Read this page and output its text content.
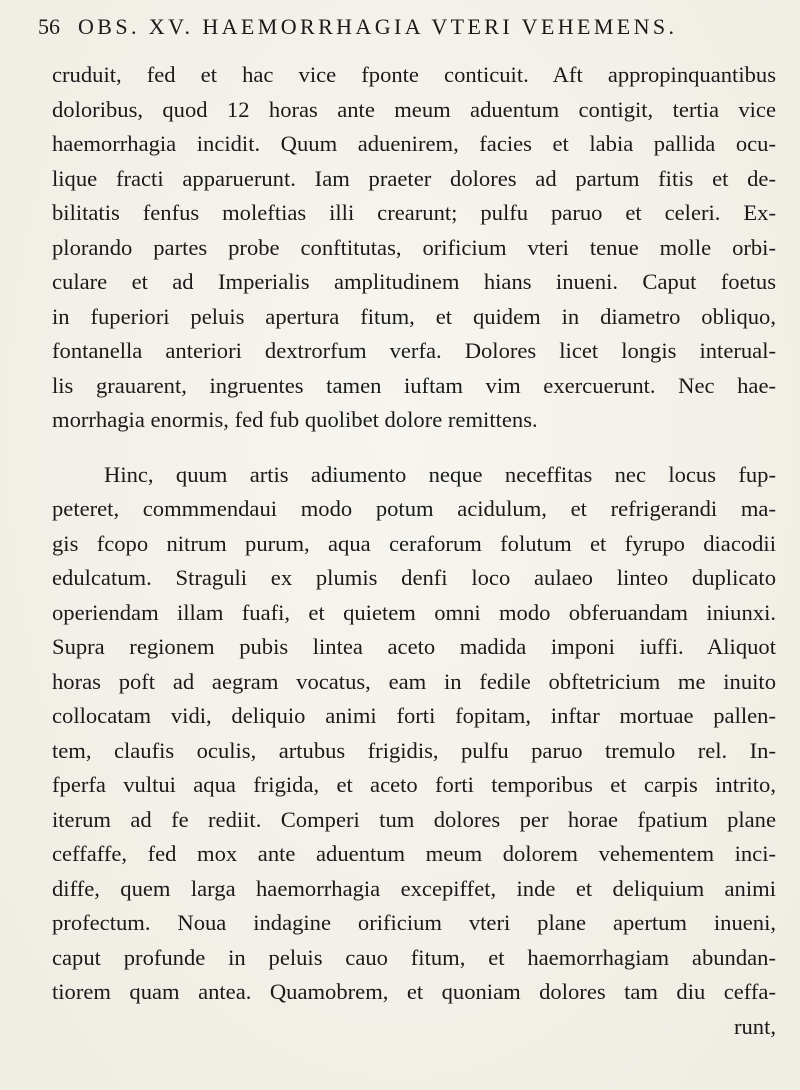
56 OBS. XV. HAEMORRHAGIA VTERI VEHEMENS.
cruduit, fed et hac vice fponte conticuit. Aft appropinquantibus
doloribus, quod 12 horas ante meum aduentum contigit, tertia vice
haemorrhagia incidit. Quum aduenirem, facies et labia pallida ocu-
lique fracti apparuerunt. Iam praeter dolores ad partum fitis et de-
bilitatis fenfus moleftias illi crearunt; pulfu paruo et celeri. Ex-
plorando partes probe conftitutas, orificium vteri tenue molle orbi-
culare et ad Imperialis amplitudinem hians inueni. Caput foetus
in fuperiori peluis apertura fitum, et quidem in diametro obliquo,
fontanella anteriori dextrorfum verfa. Dolores licet longis interual-
lis grauarent, ingruentes tamen iuftam vim exercuerunt. Nec hae-
morrhagia enormis, fed fub quolibet dolore remittens.
Hinc, quum artis adiumento neque neceffitas nec locus fup-
peteret, commmendaui modo potum acidulum, et refrigerandi ma-
gis fcopo nitrum purum, aqua ceraforum folutum et fyrupo diacodii
edulcatum. Straguli ex plumis denfi loco aulaeo linteo duplicato
operiendam illam fuafi, et quietem omni modo obferuandam iniunxi.
Supra regionem pubis lintea aceto madida imponi iuffi. Aliquot
horas poft ad aegram vocatus, eam in fedile obftetricium me inuito
collocatam vidi, deliquio animi forti fopitam, inftar mortuae pallen-
tem, claufis oculis, artubus frigidis, pulfu paruo tremulo rel. In-
fperfa vultui aqua frigida, et aceto forti temporibus et carpis intrito,
iterum ad fe rediit. Comperi tum dolores per horae fpatium plane
ceffaffe, fed mox ante aduentum meum dolorem vehementem inci-
diffe, quem larga haemorrhagia excepiffet, inde et deliquium animi
profectum. Noua indagine orificium vteri plane apertum inueni,
caput profunde in peluis cauo fitum, et haemorrhagiam abundan-
tiorem quam antea. Quamobrem, et quoniam dolores tam diu ceffa-
runt,
